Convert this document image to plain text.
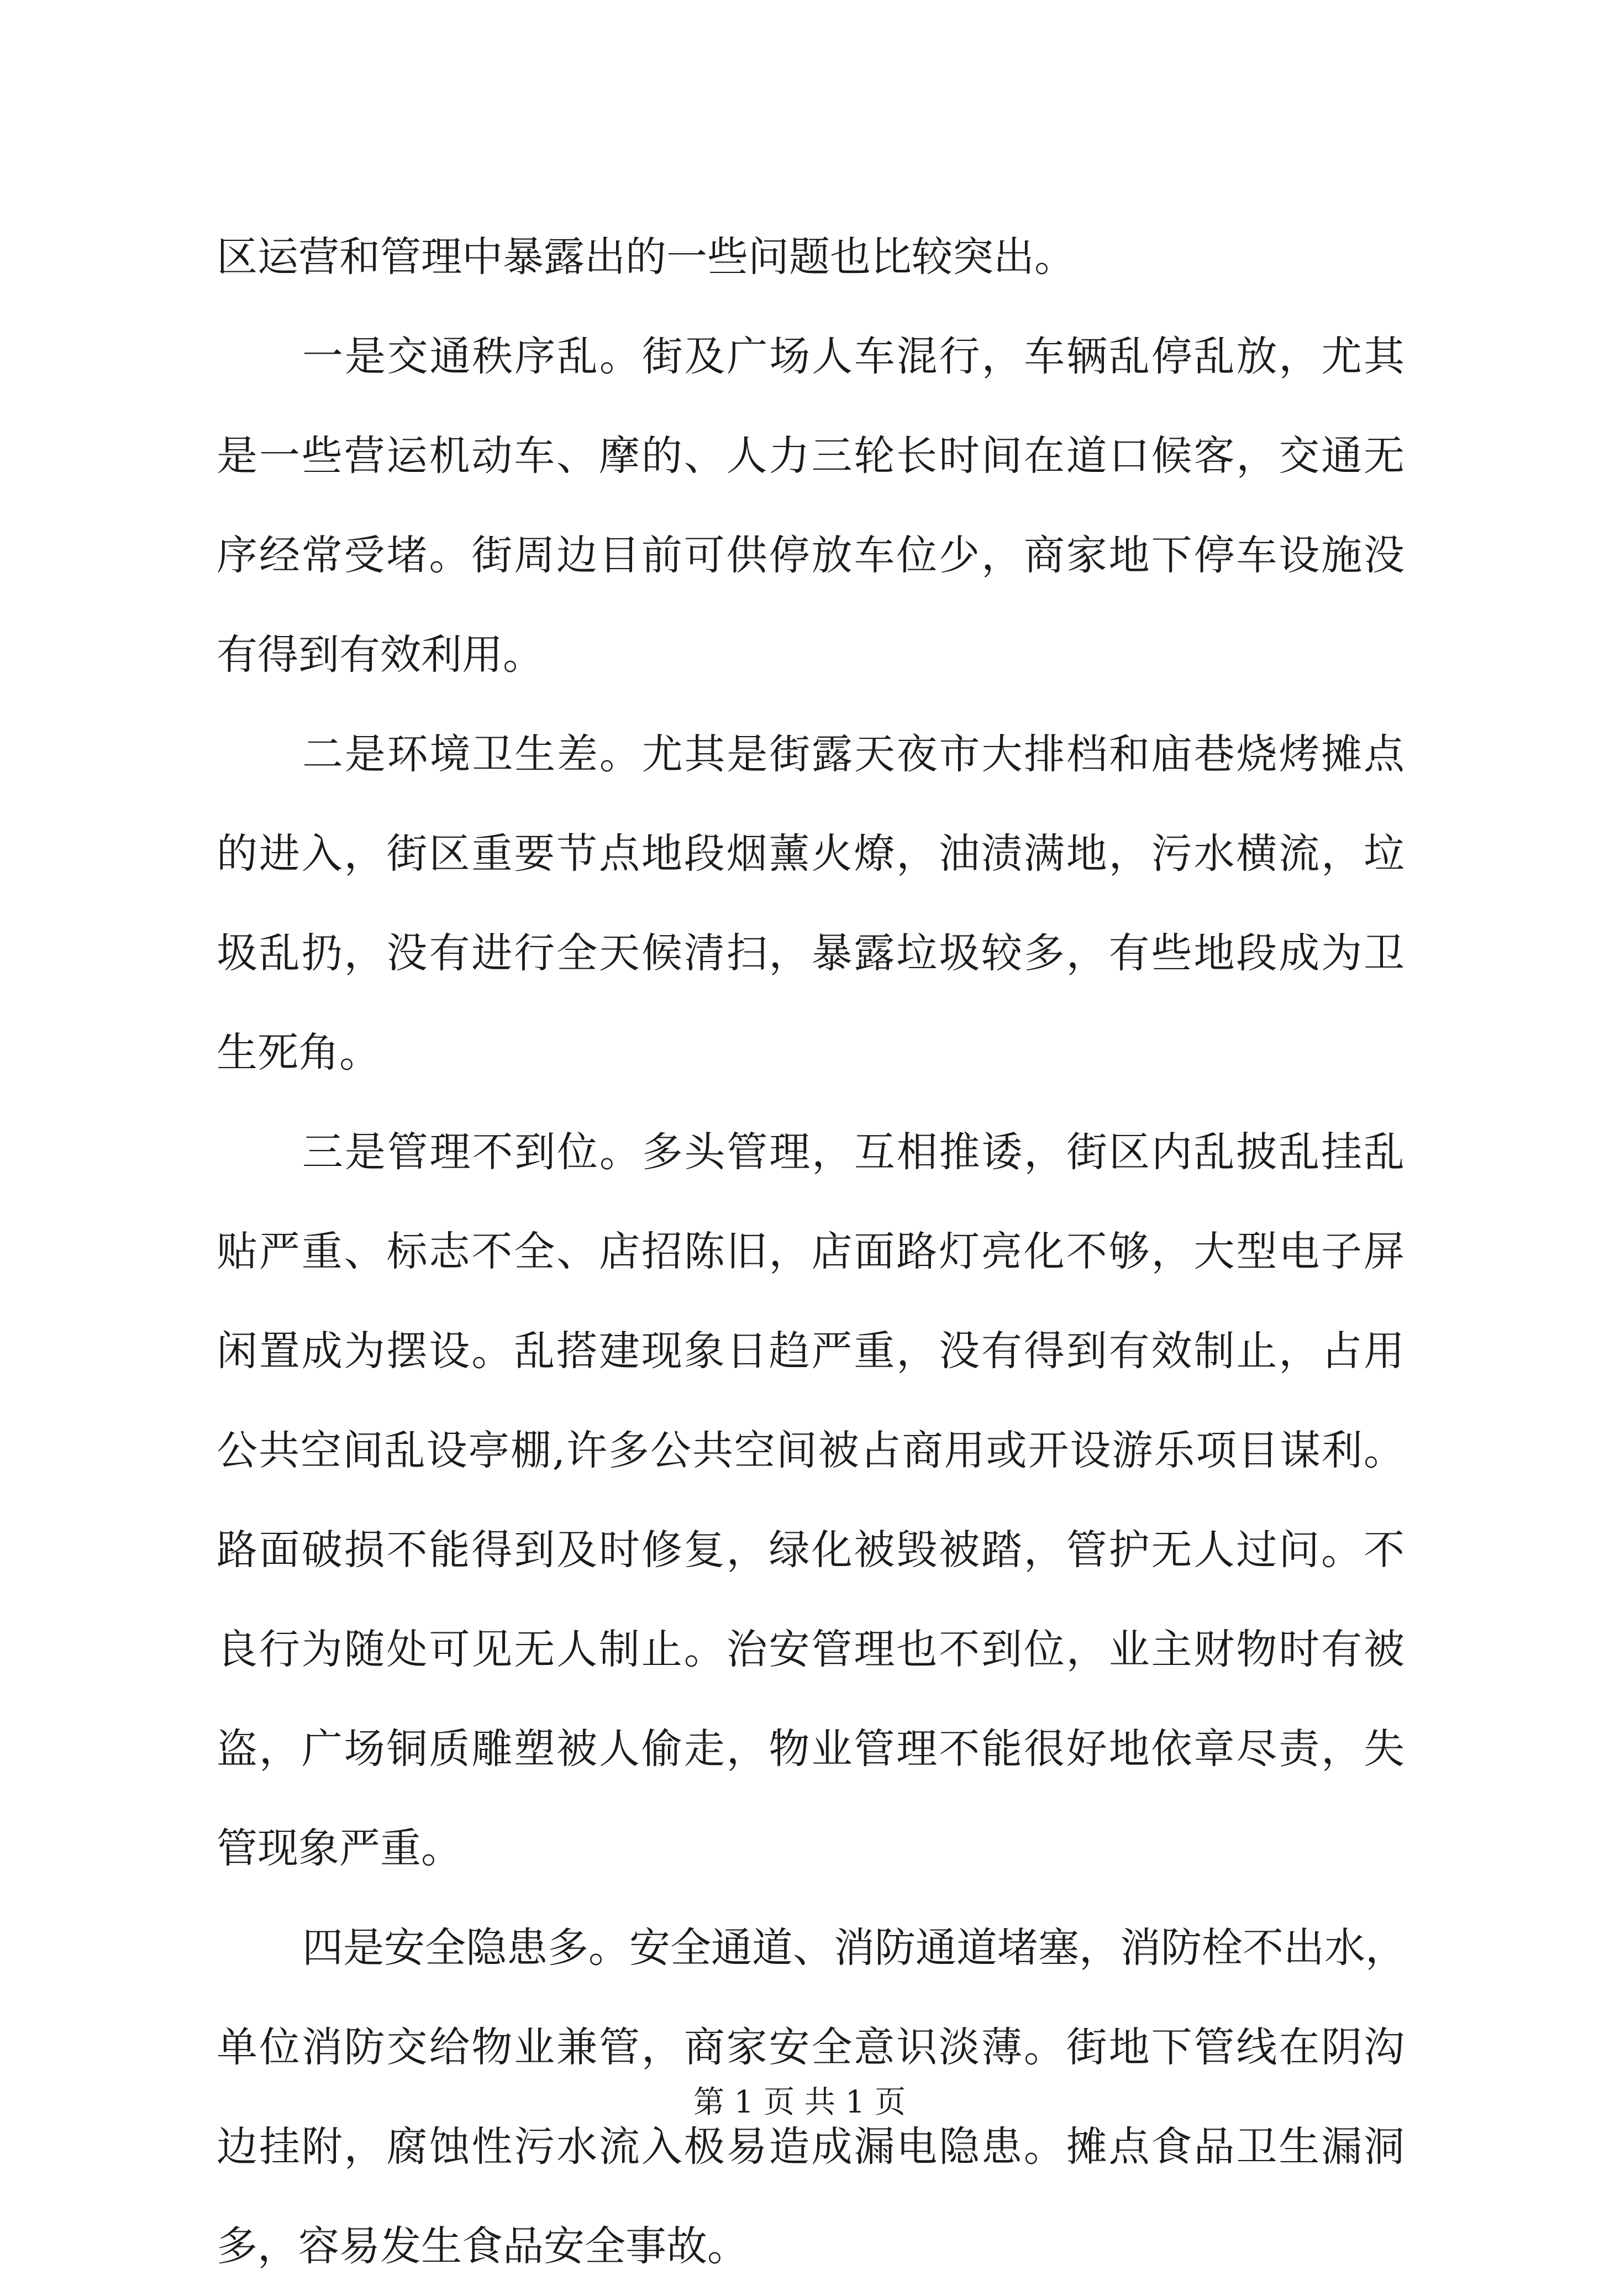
区运营和管理中暴露出的一些问题也比较突出。
一是交通秩序乱。街及广场人车混行，车辆乱停乱放，尤其
是一些营运机动车、摩的、人力三轮长时间在道口候客，交通无
序经常受堵。街周边目前可供停放车位少，商家地下停车设施没
有得到有效利用。
二是环境卫生差。尤其是街露天夜市大排档和庙巷烧烤摊点
的进入，街区重要节点地段烟薰火燎，油渍满地，污水横流，垃
圾乱扔，没有进行全天候清扫，暴露垃圾较多，有些地段成为卫
生死角。
三是管理不到位。多头管理，互相推诿，街区内乱披乱挂乱
贴严重、标志不全、店招陈旧，店面路灯亮化不够，大型电子屏
闲置成为摆设。乱搭建现象日趋严重，没有得到有效制止，占用
公共空间乱设亭棚,许多公共空间被占商用或开设游乐项目谋利。
路面破损不能得到及时修复，绿化被毁被踏，管护无人过问。不
良行为随处可见无人制止。治安管理也不到位，业主财物时有被
盗，广场铜质雕塑被人偷走，物业管理不能很好地依章尽责，失
管现象严重。
四是安全隐患多。安全通道、消防通道堵塞，消防栓不出水，
单位消防交给物业兼管，商家安全意识淡薄。街地下管线在阴沟
边挂附，腐蚀性污水流入极易造成漏电隐患。摊点食品卫生漏洞
多，容易发生食品安全事故。
第 1 页 共 1 页
